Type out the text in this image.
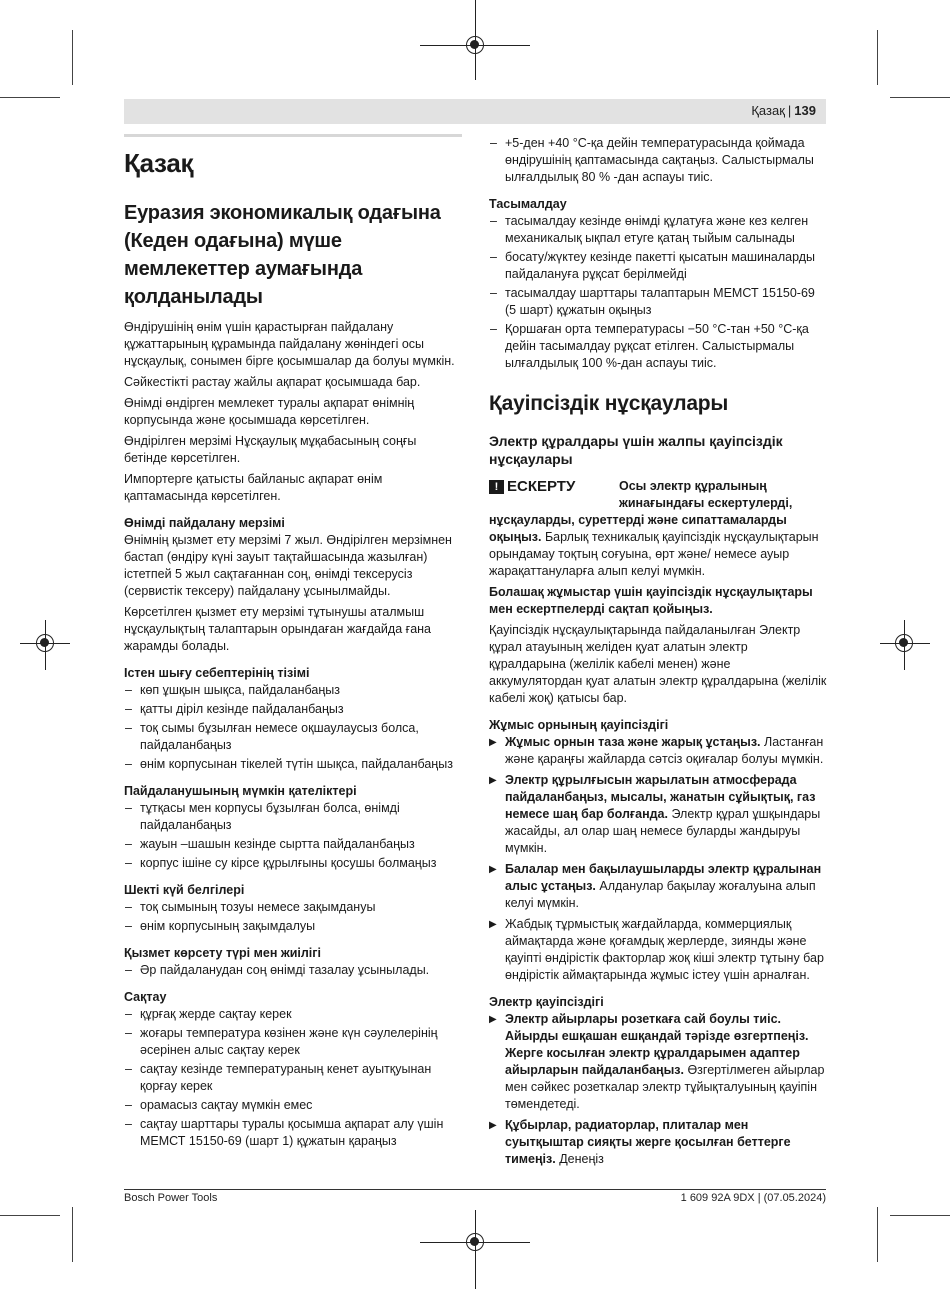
Қазақ | 139
Қазақ
Еуразия экономикалық одағына
(Кеден одағына) мүше
мемлекеттер аумағында
қолданылады

Өндірушінің өнім үшін қарастырған пайдалану құжаттарының құрамында пайдалану жөніндегі осы нұсқаулық, сонымен бірге қосымшалар да болуы мүмкін.

Сәйкестікті растау жайлы ақпарат қосымшада бар.

Өнімді өндірген мемлекет туралы ақпарат өнімнің корпусында және қосымшада көрсетілген.

Өндірілген мерзімі Нұсқаулық мұқабасының соңғы бетінде көрсетілген.

Импортерге қатысты байланыс ақпарат өнім қаптамасында көрсетілген.

Өнімді пайдалану мерзімі

Өнімнің қызмет ету мерзімі 7 жыл. Өндірілген мерзімнен бастап (өндіру күні зауыт тақтайшасында жазылған) істетпей 5 жыл сақтағаннан соң, өнімді тексерусіз (сервистік тексеру) пайдалану ұсынылмайды.

Көрсетілген қызмет ету мерзімі тұтынушы аталмыш нұсқаулықтың талаптарын орындаған жағдайда ғана жарамды болады.

Істен шығу себептерінің тізімі
– көп ұшқын шықса, пайдаланбаңыз
– қатты діріл кезінде пайдаланбаңыз
– тоқ сымы бұзылған немесе оқшаулаусыз болса, пайдаланбаңыз
– өнім корпусынан тікелей түтін шықса, пайдаланбаңыз
Пайдаланушының мүмкін қателіктері
– тұтқасы мен корпусы бұзылған болса, өнімді пайдаланбаңыз
– жауын –шашын кезінде сыртта пайдаланбаңыз
– корпус ішіне су кірсе құрылғыны қосушы болмаңыз
Шекті күй белгілері
– тоқ сымының тозуы немесе зақымдануы
– өнім корпусының зақымдалуы
Қызмет көрсету түрі мен жиілігі
– Әр пайдаланудан соң өнімді тазалау ұсынылады.
Сақтау
– құрғақ жерде сақтау керек
– жоғары температура көзінен және күн сәулелерінің әсерінен алыс сақтау керек
– сақтау кезінде температураның кенет ауытқуынан қорғау керек
– орамасыз сақтау мүмкін емес
– сақтау шарттары туралы қосымша ақпарат алу үшін МЕМСТ 15150-69 (шарт 1) құжатын қараңыз
– +5-ден +40 °C-қа дейін температурасында қоймада өндірушінің қаптамасында сақтаңыз. Салыстырмалы ылғалдылық 80 % -дан аспауы тиіс.
Тасымалдау
– тасымалдау кезінде өнімді құлатуға және кез келген механикалық ықпал етуге қатаң тыйым салынады
– босату/жүктеу кезінде пакетті қысатын машиналарды пайдалануға рұқсат берілмейді
– тасымалдау шарттары талаптарын МЕМСТ 15150-69 (5 шарт) құжатын оқыңыз
– Қоршаған орта температурасы −50 °C-тан +50 °C-қа дейін тасымалдау рұқсат етілген. Салыстырмалы ылғалдылық 100 %-дан аспауы тиіс.
Қауіпсіздік нұсқаулары
Электр құралдары үшін жалпы қауіпсіздік нұсқаулары
! ЕСКЕРТУ	Осы электр құралының
жинағындағы ескертулерді,
нұсқауларды, суреттерді және сипаттамаларды

оқыңыз. Барлық техникалық қауіпсіздік нұсқаулықтарын орындамау тоқтың соғуына, өрт және/ немесе ауыр жарақаттануларға алып келуі мүмкін.

Болашақ жұмыстар үшін қауіпсіздік нұсқаулықтары мен ескертпелерді сақтап қойыңыз.

Қауіпсіздік нұсқаулықтарында пайдаланылған Электр құрал атауының желіден қуат алатын электр құралдарына (желілік кабелі менен) және аккумулятордан қуат алатын электр құралдарына (желілік кабелі жоқ) қатысы бар.

Жұмыс орнының қауіпсіздігі
▶ Жұмыс орнын таза және жарық ұстаңыз. Ластанған және қараңғы жайларда сәтсіз оқиғалар болуы мүмкін.
▶ Электр құрылғысын жарылатын атмосферада пайдаланбаңыз, мысалы, жанатын сұйықтық, газ немесе шаң бар болғанда. Электр құрал ұшқындары жасайды, ал олар шаң немесе буларды жандыруы мүмкін.
▶ Балалар мен бақылаушыларды электр құралынан алыс ұстаңыз. Алданулар бақылау жоғалуына алып келуі мүмкін.
▶ Жабдық тұрмыстық жағдайларда, коммерциялық аймақтарда және қоғамдық жерлерде, зиянды және қауіпті өндірістік факторлар жоқ кіші электр тұтыну бар өндірістік аймақтарында жұмыс істеу үшін арналған.
Электр қауіпсіздігі
▶ Электр айырлары розеткаға сай боулы тиіс. Айырды ешқашан ешқандай тәрізде өзгертпеңіз. Жерге косылған электр құралдарымен адаптер айырларын пайдаланбаңыз. Өзгертілмеген айырлар мен сәйкес розеткалар электр тұйықталуының қауіпін төмендетеді.
▶ Құбырлар, радиаторлар, плиталар мен суытқыштар сияқты жерге қосылған беттерге тимеңіз. Денеңіз
Bosch Power Tools	1 609 92A 9DX | (07.05.2024)
